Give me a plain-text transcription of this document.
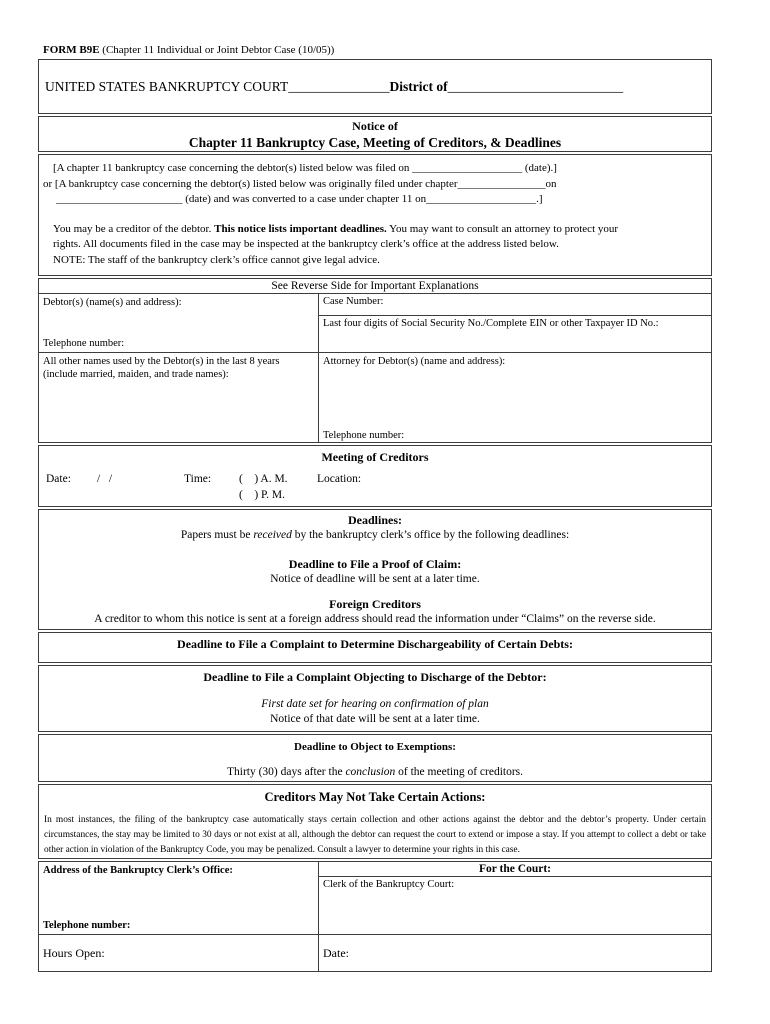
FORM B9E (Chapter 11 Individual or Joint Debtor Case (10/05))
UNITED STATES BANKRUPTCY COURT _______________ District of __________________________
Notice of
Chapter 11 Bankruptcy Case, Meeting of Creditors, & Deadlines
[A chapter 11 bankruptcy case concerning the debtor(s) listed below was filed on ____________________ (date).]
or [A bankruptcy case concerning the debtor(s) listed below was originally filed under chapter________________on
_______________________ (date) and was converted to a case under chapter 11 on____________________.]
You may be a creditor of the debtor. This notice lists important deadlines. You may want to consult an attorney to protect your
rights. All documents filed in the case may be inspected at the bankruptcy clerk’s office at the address listed below.
NOTE: The staff of the bankruptcy clerk’s office cannot give legal advice.
See Reverse Side for Important Explanations
Debtor(s) (name(s) and address):
Telephone number:
Case Number:
Last four digits of Social Security No./Complete EIN or other Taxpayer ID No.:
All other names used by the Debtor(s) in the last 8 years
(include married, maiden, and trade names):
Attorney for Debtor(s) (name and address):
Telephone number:
Meeting of Creditors
Date: /   /	Time: (    ) A. M.	Location:
(    ) P. M.
Deadlines:
Papers must be received by the bankruptcy clerk’s office by the following deadlines:
Deadline to File a Proof of Claim:
Notice of deadline will be sent at a later time.
Foreign Creditors
A creditor to whom this notice is sent at a foreign address should read the information under “Claims” on the reverse side.
Deadline to File a Complaint to Determine Dischargeability of Certain Debts:
Deadline to File a Complaint Objecting to Discharge of the Debtor:
First date set for hearing on confirmation of plan
Notice of that date will be sent at a later time.
Deadline to Object to Exemptions:
Thirty (30) days after the conclusion of the meeting of creditors.
Creditors May Not Take Certain Actions:
In most instances, the filing of the bankruptcy case automatically stays certain collection and other actions against the debtor and the debtor’s property. Under certain circumstances, the stay may be limited to 30 days or not exist at all, although the debtor can request the court to extend or impose a stay. If you attempt to collect a debt or take other action in violation of the Bankruptcy Code, you may be penalized. Consult a lawyer to determine your rights in this case.
Address of the Bankruptcy Clerk’s Office:
Telephone number:
For the Court:
Clerk of the Bankruptcy Court:
Hours Open:	Date:
